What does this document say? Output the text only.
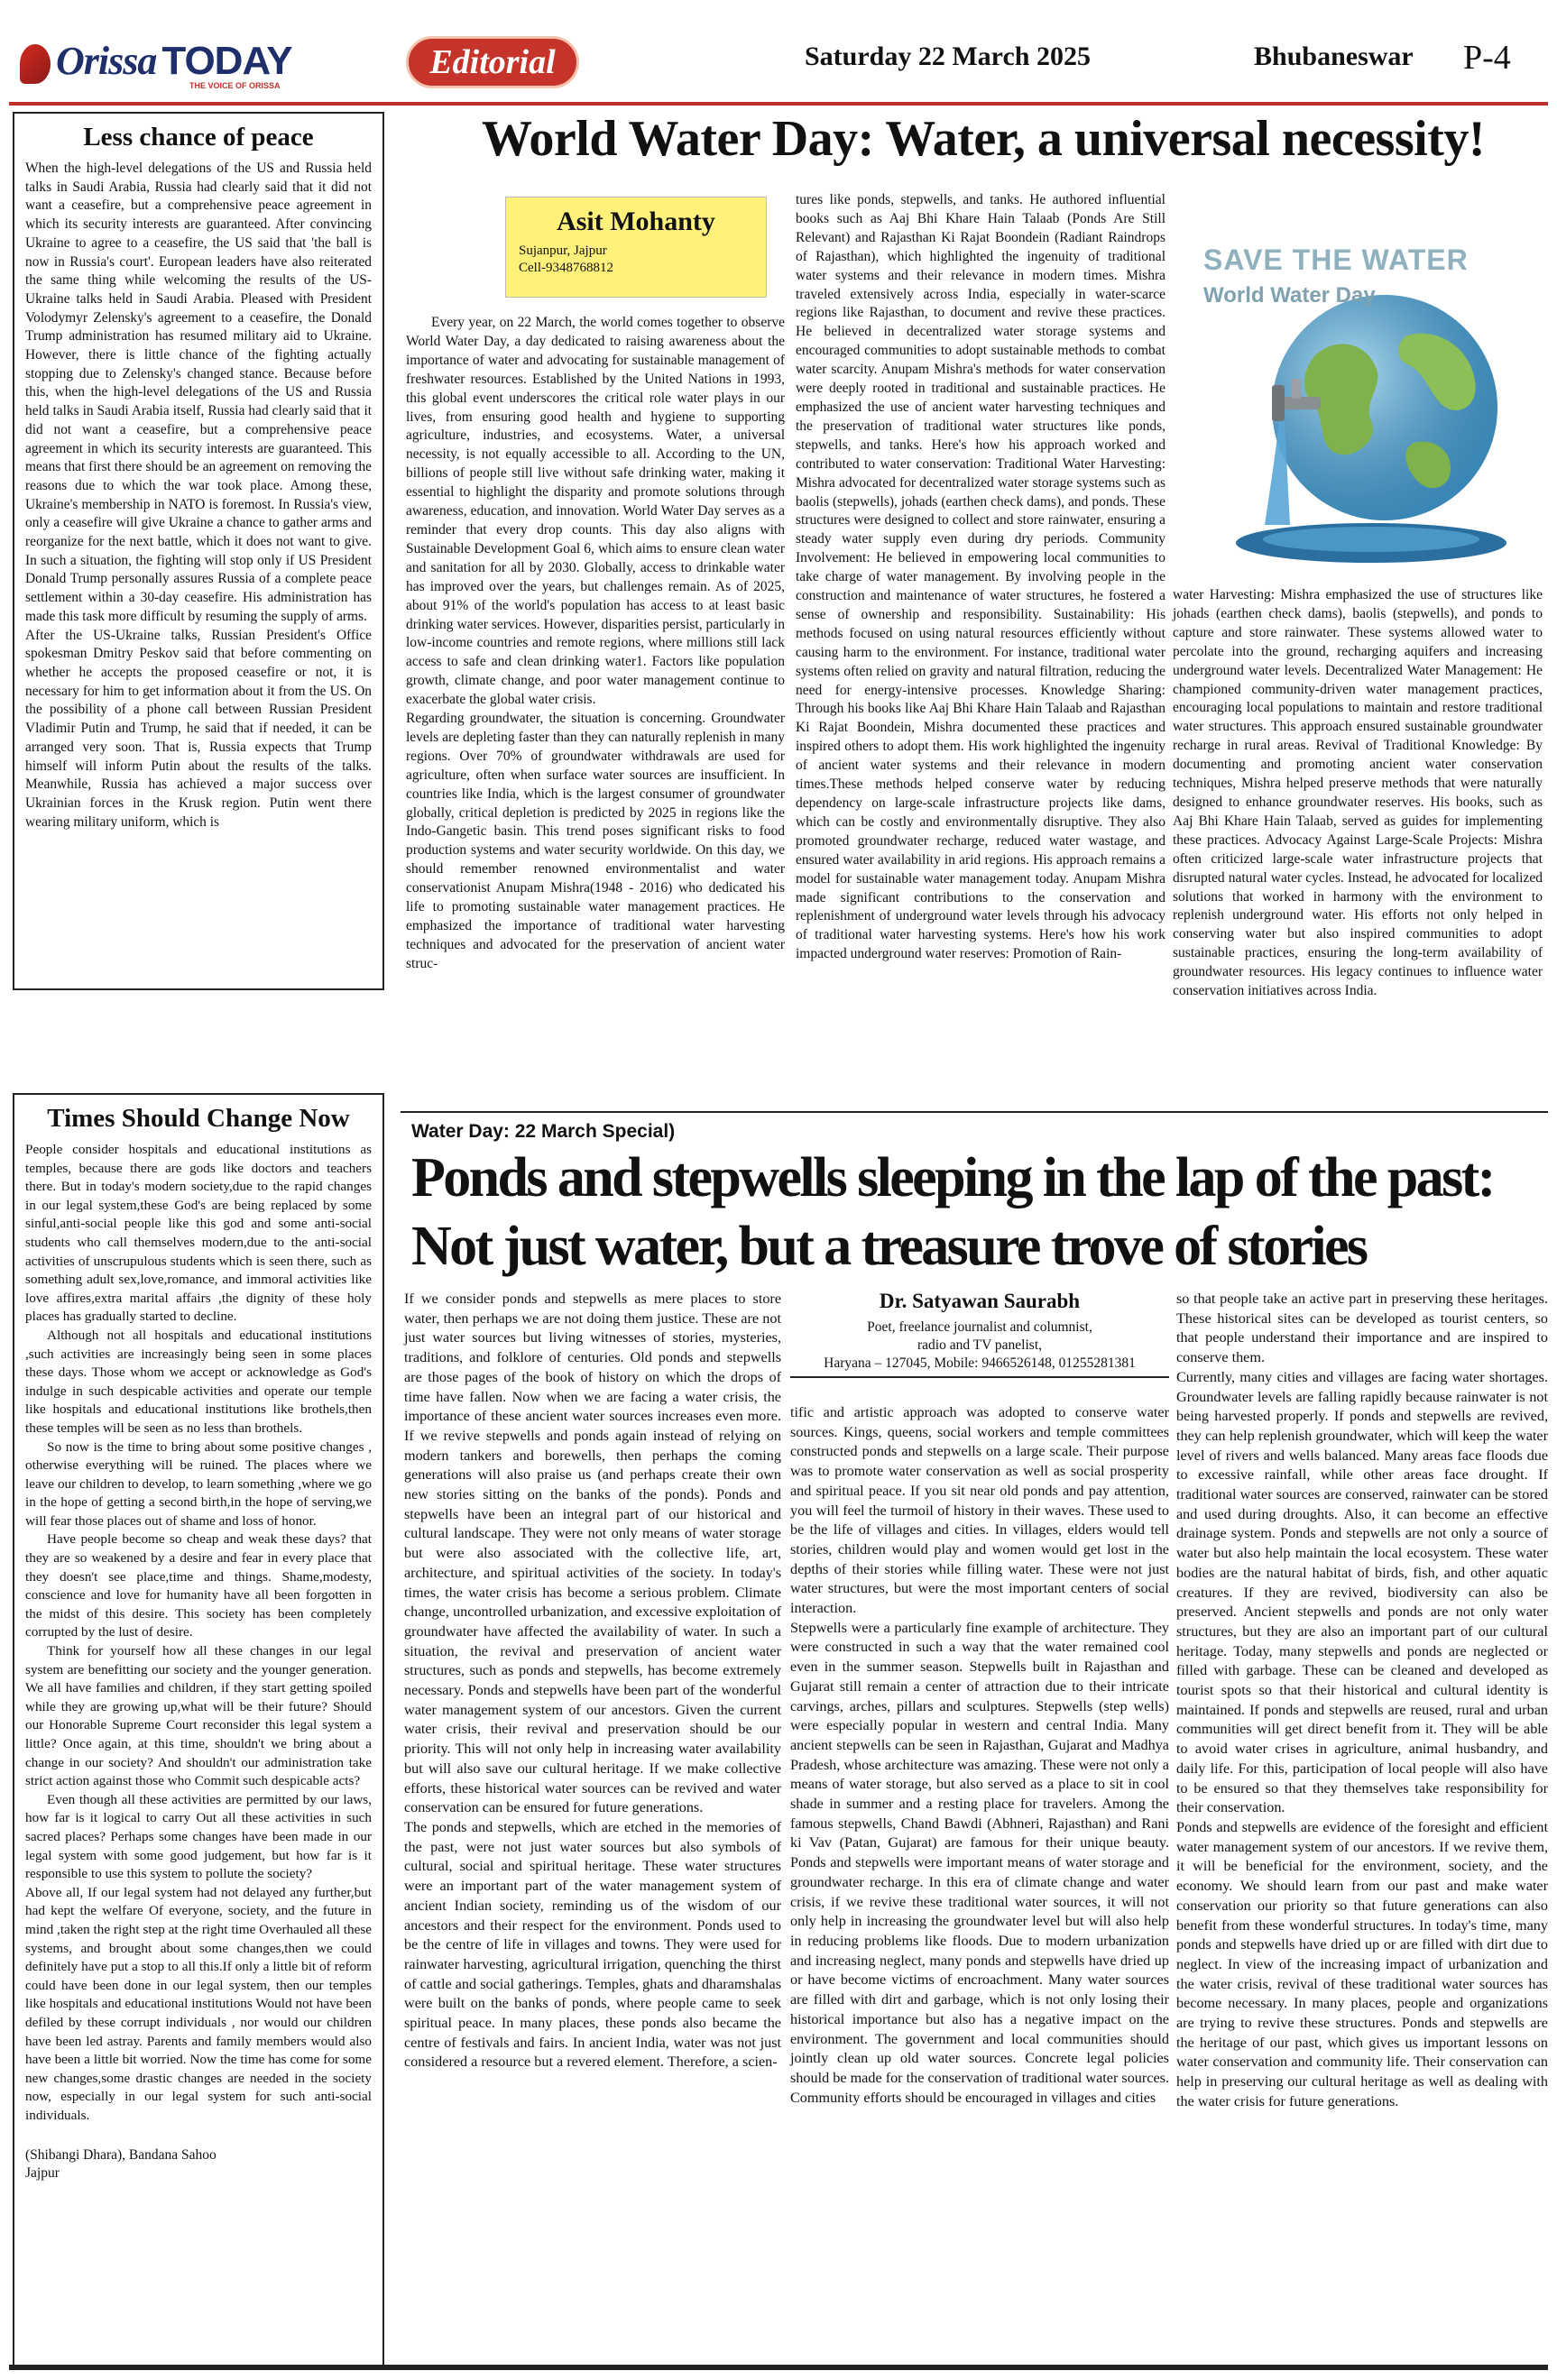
Orissa TODAY
THE VOICE OF ORISSA
Editorial	Saturday 22 March 2025	Bhubaneswar P-4
Less chance of peace

When the high-level delegations of the US and Russia held talks in Saudi Arabia, Russia had clearly said that it did not want a ceasefire, but a comprehensive peace agreement in which its security interests are guaranteed. After convincing Ukraine to agree to a ceasefire, the US said that 'the ball is now in Russia's court'. European leaders have also reiterated the same thing while welcoming the results of the US-Ukraine talks held in Saudi Arabia. Pleased with President Volodymyr Zelensky's agreement to a ceasefire, the Donald Trump administration has resumed military aid to Ukraine. However, there is little chance of the fighting actually stopping due to Zelensky's changed stance. Because before this, when the high-level delegations of the US and Russia held talks in Saudi Arabia itself, Russia had clearly said that it did not want a ceasefire, but a comprehensive peace agreement in which its security interests are guaranteed. This means that first there should be an agreement on removing the reasons due to which the war took place. Among these, Ukraine's membership in NATO is foremost. In Russia's view, only a ceasefire will give Ukraine a chance to gather arms and reorganize for the next battle, which it does not want to give. In such a situation, the fighting will stop only if US President Donald Trump personally assures Russia of a complete peace settlement within a 30-day ceasefire. His administration has made this task more difficult by resuming the supply of arms.

After the US-Ukraine talks, Russian President's Office spokesman Dmitry Peskov said that before commenting on whether he accepts the proposed ceasefire or not, it is necessary for him to get information about it from the US. On the possibility of a phone call between Russian President Vladimir Putin and Trump, he said that if needed, it can be arranged very soon. That is, Russia expects that Trump himself will inform Putin about the results of the talks. Meanwhile, Russia has achieved a major success over Ukrainian forces in the Krusk region. Putin went there wearing military uniform, which is

Times Should Change Now

People consider hospitals and educational institutions as temples, because there are gods like doctors and teachers there. But in today's modern society,due to the rapid changes in our legal system,these God's are being replaced by some sinful,anti-social people like this god and some anti-social students who call themselves modern,due to the anti-social activities of unscrupulous students which is seen there, such as something adult sex,love,romance, and immoral activities like love affires,extra marital affairs ,the dignity of these holy places has gradually started to decline.

Although not all hospitals and educational institutions ,such activities are increasingly being seen in some places these days. Those whom we accept or acknowledge as God's indulge in such despicable activities and operate our temple like hospitals and educational institutions like brothels,then these temples will be seen as no less than brothels.

So now is the time to bring about some positive changes , otherwise everything will be ruined. The places where we leave our children to develop, to learn something ,where we go in the hope of getting a second birth,in the hope of serving,we will fear those places out of shame and loss of honor.

Have people become so cheap and weak these days? that they are so weakened by a desire and fear in every place that they doesn't see place,time and things. Shame,modesty, conscience and love for humanity have all been forgotten in the midst of this desire. This society has been completely corrupted by the lust of desire.

Think for yourself how all these changes in our legal system are benefitting our society and the younger generation. We all have families and children, if they start getting spoiled while they are growing up,what will be their future? Should our Honorable Supreme Court reconsider this legal system a little? Once again, at this time, shouldn't we bring about a change in our society? And shouldn't our administration take strict action against those who Commit such despicable acts?

Even though all these activities are permitted by our laws, how far is it logical to carry Out all these activities in such sacred places? Perhaps some changes have been made in our legal system with some good judgement, but how far is it responsible to use this system to pollute the society?

Above all, If our legal system had not delayed any further,but had kept the welfare Of everyone, society, and the future in mind ,taken the right step at the right time Overhauled all these systems, and brought about some changes,then we could definitely have put a stop to all this.If only a little bit of reform could have been done in our legal system, then our temples like hospitals and educational institutions Would not have been defiled by these corrupt individuals , nor would our children have been led astray. Parents and family members would also have been a little bit worried. Now the time has come for some new changes,some drastic changes are needed in the society now, especially in our legal system for such anti-social individuals.

(Shibangi Dhara), Bandana Sahoo
Jajpur
World Water Day: Water, a universal necessity!
Asit Mohanty
Sujanpur, Jajpur
Cell-9348768812

Every year, on 22 March, the world comes together to observe World Water Day, a day dedicated to raising awareness about the importance of water and advocating for sustainable management of freshwater resources. Established by the United Nations in 1993, this global event underscores the critical role water plays in our lives, from ensuring good health and hygiene to supporting agriculture, industries, and ecosystems. Water, a universal necessity, is not equally accessible to all. According to the UN, billions of people still live without safe drinking water, making it essential to highlight the disparity and promote solutions through awareness, education, and innovation. World Water Day serves as a reminder that every drop counts. This day also aligns with Sustainable Development Goal 6, which aims to ensure clean water and sanitation for all by 2030. Globally, access to drinkable water has improved over the years, but challenges remain. As of 2025, about 91% of the world's population has access to at least basic drinking water services. However, disparities persist, particularly in low-income countries and remote regions, where millions still lack access to safe and clean drinking water1. Factors like population growth, climate change, and poor water management continue to exacerbate the global water crisis.

Regarding groundwater, the situation is concerning. Groundwater levels are depleting faster than they can naturally replenish in many regions. Over 70% of groundwater withdrawals are used for agriculture, often when surface water sources are insufficient. In countries like India, which is the largest consumer of groundwater globally, critical depletion is predicted by 2025 in regions like the Indo-Gangetic basin. This trend poses significant risks to food production systems and water security worldwide. On this day, we should remember renowned environmentalist and water conservationist Anupam Mishra(1948 - 2016) who dedicated his life to promoting sustainable water management practices. He emphasized the importance of traditional water harvesting techniques and advocated for the preservation of ancient water struc-

tures like ponds, stepwells, and tanks. He authored influential books such as Aaj Bhi Khare Hain Talaab (Ponds Are Still Relevant) and Rajasthan Ki Rajat Boondein (Radiant Raindrops of Rajasthan), which highlighted the ingenuity of traditional water systems and their relevance in modern times. Mishra traveled extensively across India, especially in water-scarce regions like Rajasthan, to document and revive these practices. He believed in decentralized water storage systems and encouraged communities to adopt sustainable methods to combat water scarcity. Anupam Mishra's methods for water conservation were deeply rooted in traditional and sustainable practices. He emphasized the use of ancient water harvesting techniques and the preservation of traditional water structures like ponds, stepwells, and tanks. Here's how his approach worked and contributed to water conservation: Traditional Water Harvesting: Mishra advocated for decentralized water storage systems such as baolis (stepwells), johads (earthen check dams), and ponds. These structures were designed to collect and store rainwater, ensuring a steady water supply even during dry periods. Community Involvement: He believed in empowering local communities to take charge of water management. By involving people in the construction and maintenance of water structures, he fostered a sense of ownership and responsibility. Sustainability: His methods focused on using natural resources efficiently without causing harm to the environment. For instance, traditional water systems often relied on gravity and natural filtration, reducing the need for energy-intensive processes. Knowledge Sharing: Through his books like Aaj Bhi Khare Hain Talaab and Rajasthan Ki Rajat Boondein, Mishra documented these practices and inspired others to adopt them. His work highlighted the ingenuity of ancient water systems and their relevance in modern times.These methods helped conserve water by reducing dependency on large-scale infrastructure projects like dams, which can be costly and environmentally disruptive. They also promoted groundwater recharge, reduced water wastage, and ensured water availability in arid regions. His approach remains a model for sustainable water management today. Anupam Mishra made significant contributions to the conservation and replenishment of underground water levels through his advocacy of traditional water harvesting systems. Here's how his work impacted underground water reserves: Promotion of Rain-

SAVE THE WATER
World Water Day

water Harvesting: Mishra emphasized the use of structures like johads (earthen check dams), baolis (stepwells), and ponds to capture and store rainwater. These systems allowed water to percolate into the ground, recharging aquifers and increasing underground water levels. Decentralized Water Management: He championed community-driven water management practices, encouraging local populations to maintain and restore traditional water structures. This approach ensured sustainable groundwater recharge in rural areas. Revival of Traditional Knowledge: By documenting and promoting ancient water conservation techniques, Mishra helped preserve methods that were naturally designed to enhance groundwater reserves. His books, such as Aaj Bhi Khare Hain Talaab, served as guides for implementing these practices. Advocacy Against Large-Scale Projects: Mishra often criticized large-scale water infrastructure projects that disrupted natural water cycles. Instead, he advocated for localized solutions that worked in harmony with the environment to replenish underground water. His efforts not only helped in conserving water but also inspired communities to adopt sustainable practices, ensuring the long-term availability of groundwater resources. His legacy continues to influence water conservation initiatives across India.

Water Day: 22 March Special)
Ponds and stepwells sleeping in the lap of the past:
Not just water, but a treasure trove of stories

If we consider ponds and stepwells as mere places to store water, then perhaps we are not doing them justice. These are not just water sources but living witnesses of stories, mysteries, traditions, and folklore of centuries. Old ponds and stepwells are those pages of the book of history on which the drops of time have fallen. Now when we are facing a water crisis, the importance of these ancient water sources increases even more. If we revive stepwells and ponds again instead of relying on modern tankers and borewells, then perhaps the coming generations will also praise us (and perhaps create their own new stories sitting on the banks of the ponds). Ponds and stepwells have been an integral part of our historical and cultural landscape. They were not only means of water storage but were also associated with the collective life, art, architecture, and spiritual activities of the society. In today's times, the water crisis has become a serious problem. Climate change, uncontrolled urbanization, and excessive exploitation of groundwater have affected the availability of water. In such a situation, the revival and preservation of ancient water structures, such as ponds and stepwells, has become extremely necessary. Ponds and stepwells have been part of the wonderful water management system of our ancestors. Given the current water crisis, their revival and preservation should be our priority. This will not only help in increasing water availability but will also save our cultural heritage. If we make collective efforts, these historical water sources can be revived and water conservation can be ensured for future generations.

The ponds and stepwells, which are etched in the memories of the past, were not just water sources but also symbols of cultural, social and spiritual heritage. These water structures were an important part of the water management system of ancient Indian society, reminding us of the wisdom of our ancestors and their respect for the environment. Ponds used to be the centre of life in villages and towns. They were used for rainwater harvesting, agricultural irrigation, quenching the thirst of cattle and social gatherings. Temples, ghats and dharamshalas were built on the banks of ponds, where people came to seek spiritual peace. In many places, these ponds also became the centre of festivals and fairs. In ancient India, water was not just considered a resource but a revered element. Therefore, a scien-

Dr. Satyawan Saurabh
Poet, freelance journalist and columnist,
radio and TV panelist,
Haryana – 127045, Mobile: 9466526148, 01255281381

tific and artistic approach was adopted to conserve water sources. Kings, queens, social workers and temple committees constructed ponds and stepwells on a large scale. Their purpose was to promote water conservation as well as social prosperity and spiritual peace. If you sit near old ponds and pay attention, you will feel the turmoil of history in their waves. These used to be the life of villages and cities. In villages, elders would tell stories, children would play and women would get lost in the depths of their stories while filling water. These were not just water structures, but were the most important centers of social interaction.

Stepwells were a particularly fine example of architecture. They were constructed in such a way that the water remained cool even in the summer season. Stepwells built in Rajasthan and Gujarat still remain a center of attraction due to their intricate carvings, arches, pillars and sculptures. Stepwells (step wells) were especially popular in western and central India. Many ancient stepwells can be seen in Rajasthan, Gujarat and Madhya Pradesh, whose architecture was amazing. These were not only a means of water storage, but also served as a place to sit in cool shade in summer and a resting place for travelers. Among the famous stepwells, Chand Bawdi (Abhneri, Rajasthan) and Rani ki Vav (Patan, Gujarat) are famous for their unique beauty. Ponds and stepwells were important means of water storage and groundwater recharge. In this era of climate change and water crisis, if we revive these traditional water sources, it will not only help in increasing the groundwater level but will also help in reducing problems like floods. Due to modern urbanization and increasing neglect, many ponds and stepwells have dried up or have become victims of encroachment. Many water sources are filled with dirt and garbage, which is not only losing their historical importance but also has a negative impact on the environment. The government and local communities should jointly clean up old water sources. Concrete legal policies should be made for the conservation of traditional water sources. Community efforts should be encouraged in villages and cities

so that people take an active part in preserving these heritages. These historical sites can be developed as tourist centers, so that people understand their importance and are inspired to conserve them.

Currently, many cities and villages are facing water shortages. Groundwater levels are falling rapidly because rainwater is not being harvested properly. If ponds and stepwells are revived, they can help replenish groundwater, which will keep the water level of rivers and wells balanced. Many areas face floods due to excessive rainfall, while other areas face drought. If traditional water sources are conserved, rainwater can be stored and used during droughts. Also, it can become an effective drainage system. Ponds and stepwells are not only a source of water but also help maintain the local ecosystem. These water bodies are the natural habitat of birds, fish, and other aquatic creatures. If they are revived, biodiversity can also be preserved. Ancient stepwells and ponds are not only water structures, but they are also an important part of our cultural heritage. Today, many stepwells and ponds are neglected or filled with garbage. These can be cleaned and developed as tourist spots so that their historical and cultural identity is maintained. If ponds and stepwells are reused, rural and urban communities will get direct benefit from it. They will be able to avoid water crises in agriculture, animal husbandry, and daily life. For this, participation of local people will also have to be ensured so that they themselves take responsibility for their conservation.

Ponds and stepwells are evidence of the foresight and efficient water management system of our ancestors. If we revive them, it will be beneficial for the environment, society, and the economy. We should learn from our past and make water conservation our priority so that future generations can also benefit from these wonderful structures. In today's time, many ponds and stepwells have dried up or are filled with dirt due to neglect. In view of the increasing impact of urbanization and the water crisis, revival of these traditional water sources has become necessary. In many places, people and organizations are trying to revive these structures. Ponds and stepwells are the heritage of our past, which gives us important lessons on water conservation and community life. Their conservation can help in preserving our cultural heritage as well as dealing with the water crisis for future generations.
